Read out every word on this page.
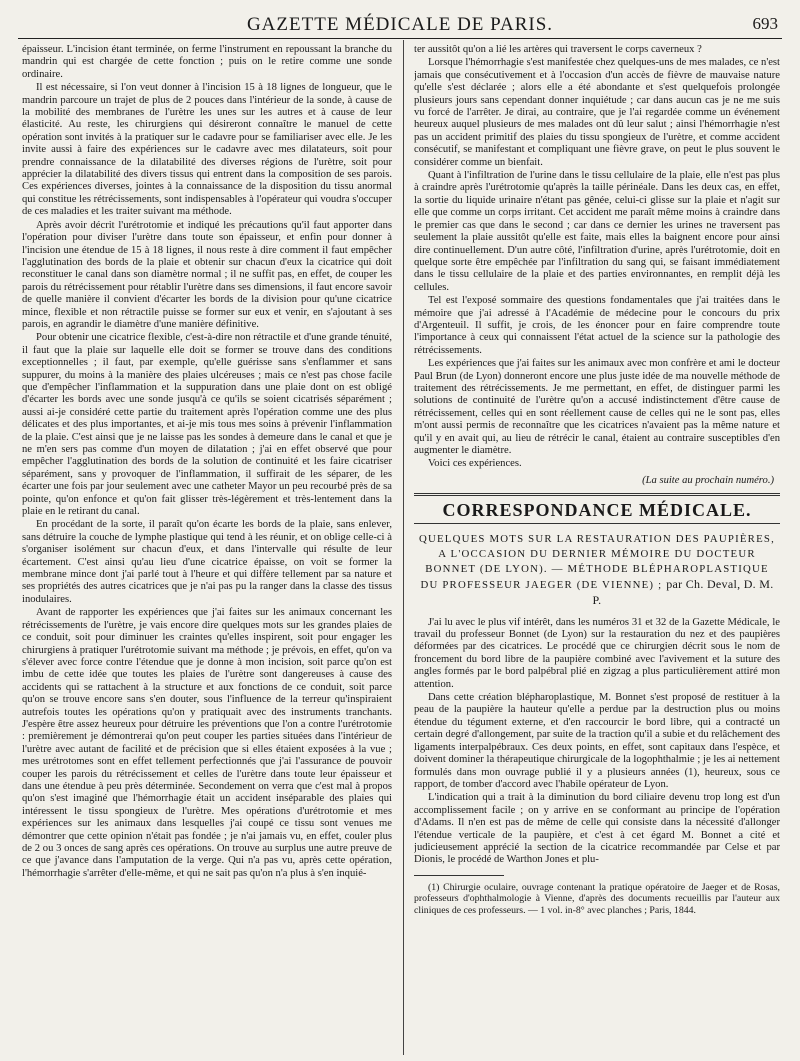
GAZETTE MÉDICALE DE PARIS.	693

épaisseur. L'incision étant terminée, on ferme l'instrument en repoussant la branche du mandrin qui est chargée de cette fonction ; puis on le retire comme une sonde ordinaire.

Il est nécessaire, si l'on veut donner à l'incision 15 à 18 lignes de longueur, que le mandrin parcoure un trajet de plus de 2 pouces dans l'intérieur de la sonde, à cause de la mobilité des membranes de l'urètre les unes sur les autres et à cause de leur élasticité. Au reste, les chirurgiens qui désireront connaître le manuel de cette opération sont invités à la pratiquer sur le cadavre pour se familiariser avec elle. Je les invite aussi à faire des expériences sur le cadavre avec mes dilatateurs, soit pour prendre connaissance de la dilatabilité des diverses régions de l'urètre, soit pour apprécier la dilatabilité des divers tissus qui entrent dans la composition de ses parois. Ces expériences diverses, jointes à la connaissance de la disposition du tissu anormal qui constitue les rétrécissements, sont indispensables à l'opérateur qui voudra s'occuper de ces maladies et les traiter suivant ma méthode.

Après avoir décrit l'urétrotomie et indiqué les précautions qu'il faut apporter dans l'opération pour diviser l'urètre dans toute son épaisseur, et enfin pour donner à l'incision une étendue de 15 à 18 lignes, il nous reste à dire comment il faut empêcher l'agglutination des bords de la plaie et obtenir sur chacun d'eux la cicatrice qui doit reconstituer le canal dans son diamètre normal ; il ne suffit pas, en effet, de couper les parois du rétrécissement pour rétablir l'urètre dans ses dimensions, il faut encore savoir de quelle manière il convient d'écarter les bords de la division pour qu'une cicatrice mince, flexible et non rétractile puisse se former sur eux et venir, en s'ajoutant à ses parois, en agrandir le diamètre d'une manière définitive.

Pour obtenir une cicatrice flexible, c'est-à-dire non rétractile et d'une grande ténuité, il faut que la plaie sur laquelle elle doit se former se trouve dans des conditions exceptionnelles ; il faut, par exemple, qu'elle guérisse sans s'enflammer et sans suppurer, du moins à la manière des plaies ulcéreuses ; mais ce n'est pas chose facile que d'empêcher l'inflammation et la suppuration dans une plaie dont on est obligé d'écarter les bords avec une sonde jusqu'à ce qu'ils se soient cicatrisés séparément ; aussi ai-je considéré cette partie du traitement après l'opération comme une des plus délicates et des plus importantes, et ai-je mis tous mes soins à prévenir l'inflammation de la plaie. C'est ainsi que je ne laisse pas les sondes à demeure dans le canal et que je ne m'en sers pas comme d'un moyen de dilatation ; j'ai en effet observé que pour empêcher l'agglutination des bords de la solution de continuité et les faire cicatriser séparément, sans y provoquer de l'inflammation, il suffirait de les séparer, de les écarter une fois par jour seulement avec une catheter Mayor un peu recourbé près de sa pointe, qu'on enfonce et qu'on fait glisser très-légèrement et très-lentement dans la plaie en le retirant du canal.

En procédant de la sorte, il paraît qu'on écarte les bords de la plaie, sans enlever, sans détruire la couche de lymphe plastique qui tend à les réunir, et on oblige celle-ci à s'organiser isolément sur chacun d'eux, et dans l'intervalle qui résulte de leur écartement. C'est ainsi qu'au lieu d'une cicatrice épaisse, on voit se former la membrane mince dont j'ai parlé tout à l'heure et qui diffère tellement par sa nature et ses propriétés des autres cicatrices que je n'ai pas pu la ranger dans la classe des tissus inodulaires.

Avant de rapporter les expériences que j'ai faites sur les animaux concernant les rétrécissements de l'urètre, je vais encore dire quelques mots sur les grandes plaies de ce conduit, soit pour diminuer les craintes qu'elles inspirent, soit pour engager les chirurgiens à pratiquer l'urétrotomie suivant ma méthode ; je prévois, en effet, qu'on va s'élever avec force contre l'étendue que je donne à mon incision, soit parce qu'on est imbu de cette idée que toutes les plaies de l'urètre sont dangereuses à cause des accidents qui se rattachent à la structure et aux fonctions de ce conduit, soit parce qu'on se trouve encore sans s'en douter, sous l'influence de la terreur qu'inspiraient autrefois toutes les opérations qu'on y pratiquait avec des instruments tranchants. J'espère être assez heureux pour détruire les préventions que l'on a contre l'urétrotomie : premièrement je démontrerai qu'on peut couper les parties situées dans l'intérieur de l'urètre avec autant de facilité et de précision que si elles étaient exposées à la vue ; mes urétrotomes sont en effet tellement perfectionnés que j'ai l'assurance de pouvoir couper les parois du rétrécissement et celles de l'urètre dans toute leur épaisseur et dans une étendue à peu près déterminée. Secondement on verra que c'est mal à propos qu'on s'est imaginé que l'hémorrhagie était un accident inséparable des plaies qui intéressent le tissu spongieux de l'urètre. Mes opérations d'urétrotomie et mes expériences sur les animaux dans lesquelles j'ai coupé ce tissu sont venues me démontrer que cette opinion n'était pas fondée ; je n'ai jamais vu, en effet, couler plus de 2 ou 3 onces de sang après ces opérations. On trouve au surplus une autre preuve de ce que j'avance dans l'amputation de la verge. Qui n'a pas vu, après cette opération, l'hémorrhagie s'arrêter d'elle-même, et qui ne sait pas qu'on n'a plus à s'en inquié-

ter aussitôt qu'on a lié les artères qui traversent le corps caverneux ?

Lorsque l'hémorrhagie s'est manifestée chez quelques-uns de mes malades, ce n'est jamais que consécutivement et à l'occasion d'un accès de fièvre de mauvaise nature qu'elle s'est déclarée ; alors elle a été abondante et s'est quelquefois prolongée plusieurs jours sans cependant donner inquiétude ; car dans aucun cas je ne me suis vu forcé de l'arrêter. Je dirai, au contraire, que je l'ai regardée comme un événement heureux auquel plusieurs de mes malades ont dû leur salut ; ainsi l'hémorrhagie n'est pas un accident primitif des plaies du tissu spongieux de l'urètre, et comme accident consécutif, se manifestant et compliquant une fièvre grave, on peut le plus souvent le considérer comme un bienfait.

Quant à l'infiltration de l'urine dans le tissu cellulaire de la plaie, elle n'est pas plus à craindre après l'urétrotomie qu'après la taille périnéale. Dans les deux cas, en effet, la sortie du liquide urinaire n'étant pas gênée, celui-ci glisse sur la plaie et n'agit sur elle que comme un corps irritant. Cet accident me paraît même moins à craindre dans le premier cas que dans le second ; car dans ce dernier les urines ne traversent pas seulement la plaie aussitôt qu'elle est faite, mais elles la baignent encore pour ainsi dire continuellement. D'un autre côté, l'infiltration d'urine, après l'urétrotomie, doit en quelque sorte être empêchée par l'infiltration du sang qui, se faisant immédiatement dans le tissu cellulaire de la plaie et des parties environnantes, en remplit déjà les cellules.

Tel est l'exposé sommaire des questions fondamentales que j'ai traitées dans le mémoire que j'ai adressé à l'Académie de médecine pour le concours du prix d'Argenteuil. Il suffit, je crois, de les énoncer pour en faire comprendre toute l'importance à ceux qui connaissent l'état actuel de la science sur la pathologie des rétrécissements.

Les expériences que j'ai faites sur les animaux avec mon confrère et ami le docteur Paul Brun (de Lyon) donneront encore une plus juste idée de ma nouvelle méthode de traitement des rétrécissements. Je me permettant, en effet, de distinguer parmi les solutions de continuité de l'urètre qu'on a accusé indistinctement d'être cause de rétrécissement, celles qui en sont réellement cause de celles qui ne le sont pas, elles m'ont aussi permis de reconnaître que les cicatrices n'avaient pas la même nature et qu'il y en avait qui, au lieu de rétrécir le canal, étaient au contraire susceptibles d'en augmenter le diamètre.

Voici ces expériences.

(La suite au prochain numéro.)
CORRESPONDANCE MÉDICALE.
QUELQUES MOTS SUR LA RESTAURATION DES PAUPIÈRES, A L'OCCASION DU DERNIER MÉMOIRE DU DOCTEUR BONNET (DE LYON). — MÉTHODE BLÉPHAROPLASTIQUE DU PROFESSEUR JAEGER (DE VIENNE) ; par Ch. Deval, D. M. P.

J'ai lu avec le plus vif intérêt, dans les numéros 31 et 32 de la Gazette Médicale, le travail du professeur Bonnet (de Lyon) sur la restauration du nez et des paupières déformées par des cicatrices. Le procédé que ce chirurgien décrit sous le nom de froncement du bord libre de la paupière combiné avec l'avivement et la suture des angles formés par le bord palpébral plié en zigzag a plus particulièrement attiré mon attention.

Dans cette création blépharoplastique, M. Bonnet s'est proposé de restituer à la peau de la paupière la hauteur qu'elle a perdue par la destruction plus ou moins étendue du tégument externe, et d'en raccourcir le bord libre, qui a contracté un certain degré d'allongement, par suite de la traction qu'il a subie et du relâchement des ligaments interpalpébraux. Ces deux points, en effet, sont capitaux dans l'espèce, et doivent dominer la thérapeutique chirurgicale de la logophthalmie ; je les ai nettement formulés dans mon ouvrage publié il y a plusieurs années (1), heureux, sous ce rapport, de tomber d'accord avec l'habile opérateur de Lyon.

L'indication qui a trait à la diminution du bord ciliaire devenu trop long est d'un accomplissement facile ; on y arrive en se conformant au principe de l'opération d'Adams. Il n'en est pas de même de celle qui consiste dans la nécessité d'allonger l'étendue verticale de la paupière, et c'est à cet égard M. Bonnet a cité et judicieusement apprécié la section de la cicatrice recommandée par Celse et par Dionis, le procédé de Warthon Jones et plu-

(1) Chirurgie oculaire, ouvrage contenant la pratique opératoire de Jaeger et de Rosas, professeurs d'ophthalmologie à Vienne, d'après des documents recueillis par l'auteur aux cliniques de ces professeurs. — 1 vol. in-8° avec planches ; Paris, 1844.
